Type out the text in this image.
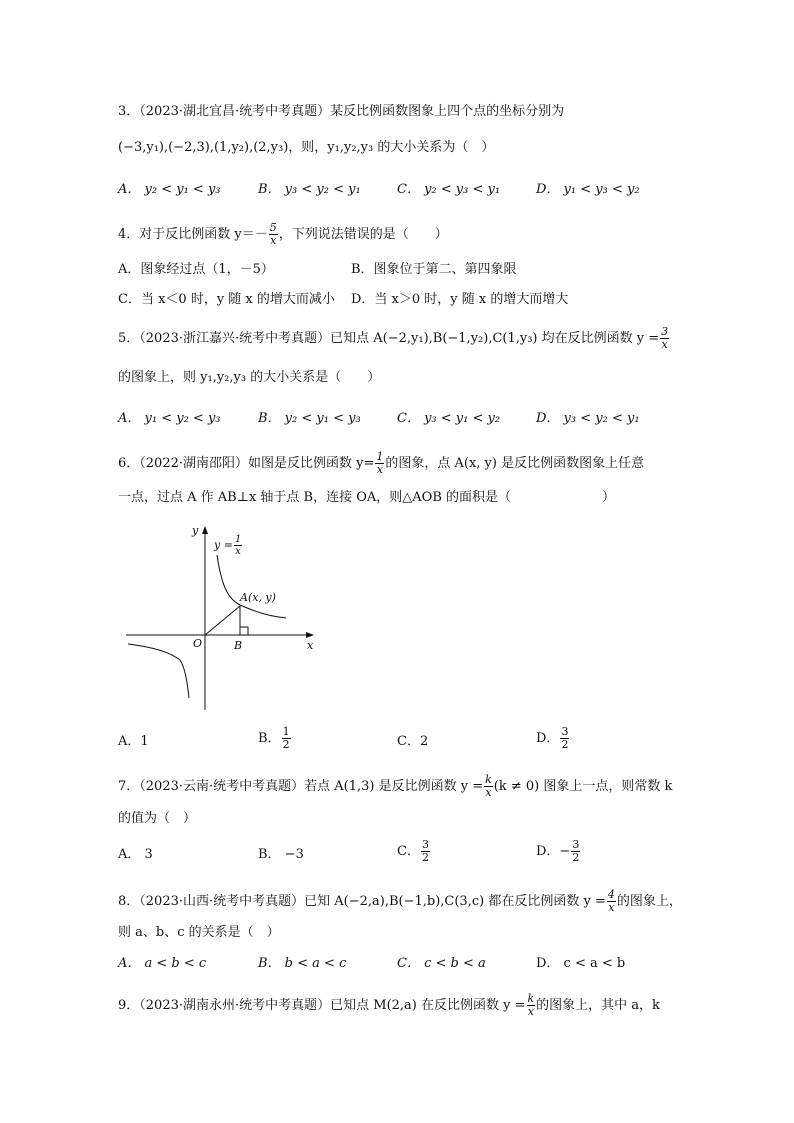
3．（2023·湖北宜昌·统考中考真题）某反比例函数图象上四个点的坐标分别为
(−3,y₁),(−2,3),(1,y₂),(2,y₃)，则，y₁,y₂,y₃ 的大小关系为（　）
A． y₂ < y₁ < y₃	B． y₃ < y₂ < y₁	C． y₂ < y₃ < y₁	D． y₁ < y₃ < y₂
4．对于反比例函数 $y=- \frac{5}{x}$ ，下列说法错误的是（　　）
A．图象经过点（1，－5）	B．图象位于第二、第四象限
C．当 x＜0 时，y 随 x 的增大而减小 D．当 x＞0 时，y 随 x 的增大而增大
5．（2023·浙江嘉兴·统考中考真题）已知点 A(−2,y₁),B(−1,y₂),C(1,y₃) 均在反比例函数 $y = \frac{3}{x}$
的图象上，则 y₁,y₂,y₃ 的大小关系是（　　）
A． y₁ < y₂ < y₃	B． y₂ < y₁ < y₃	C． y₃ < y₁ < y₂	D． y₃ < y₂ < y₁
6．（2022·湖南邵阳）如图是反比例函数 $y= \frac{1}{x}$ 的图象，点 A(x, y) 是反比例函数图象上任意
一点，过点 A 作 AB⊥x 轴于点 B，连接 OA，则△AOB 的面积是（　　　　　　　）
y
x
O	B
A(x, y)
$y = \frac{1}{x}$
A．1	B． $\frac{1}{2}$	C．2	D． $\frac{3}{2}$
7．（2023·云南·统考中考真题）若点 A(1,3) 是反比例函数 $y = \frac{k}{x} (k \ne 0)$ 图象上一点，则常数 k
的值为（　）
A． 3	B． −3	C． $\frac{3}{2}$	D．− $\frac{3}{2}$
8．（2023·山西·统考中考真题）已知 A(−2,a),B(−1,b),C(3,c) 都在反比例函数 $y = \frac{4}{x}$ 的图象上，
则 a、b、c 的关系是（　）
A． a < b < c	B． b < a < c	C． c < b < a	D． c < a < b
9．（2023·湖南永州·统考中考真题）已知点 M(2,a) 在反比例函数 $y = \frac{k}{x}$ 的图象上，其中 a，k
